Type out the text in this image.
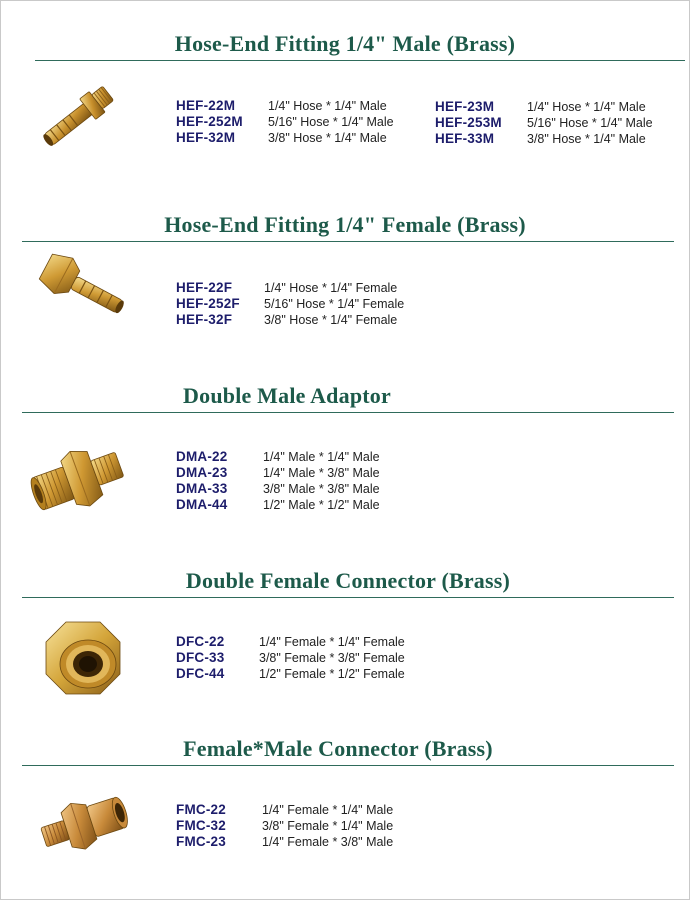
Hose-End Fitting 1/4" Male (Brass)
HEF-22M	1/4" Hose * 1/4" Male
HEF-252M 5/16" Hose * 1/4" Male
HEF-32M	3/8" Hose * 1/4" Male
HEF-23M	1/4" Hose * 1/4" Male
HEF-253M 5/16" Hose * 1/4" Male
HEF-33M	3/8" Hose * 1/4" Male
Hose-End Fitting 1/4" Female (Brass)
HEF-22F	1/4" Hose * 1/4" Female
HEF-252F 5/16" Hose * 1/4" Female
HEF-32F	3/8" Hose * 1/4" Female
Double Male Adaptor
DMA-22	1/4" Male * 1/4" Male
DMA-23	1/4" Male * 3/8" Male
DMA-33	3/8" Male * 3/8" Male
DMA-44	1/2" Male * 1/2" Male
Double Female Connector (Brass)
DFC-22	1/4" Female * 1/4" Female
DFC-33	3/8" Female * 3/8" Female
DFC-44	1/2" Female * 1/2" Female
Female*Male Connector (Brass)
FMC-22	1/4" Female * 1/4" Male
FMC-32	3/8" Female * 1/4" Male
FMC-23	1/4" Female * 3/8" Male
